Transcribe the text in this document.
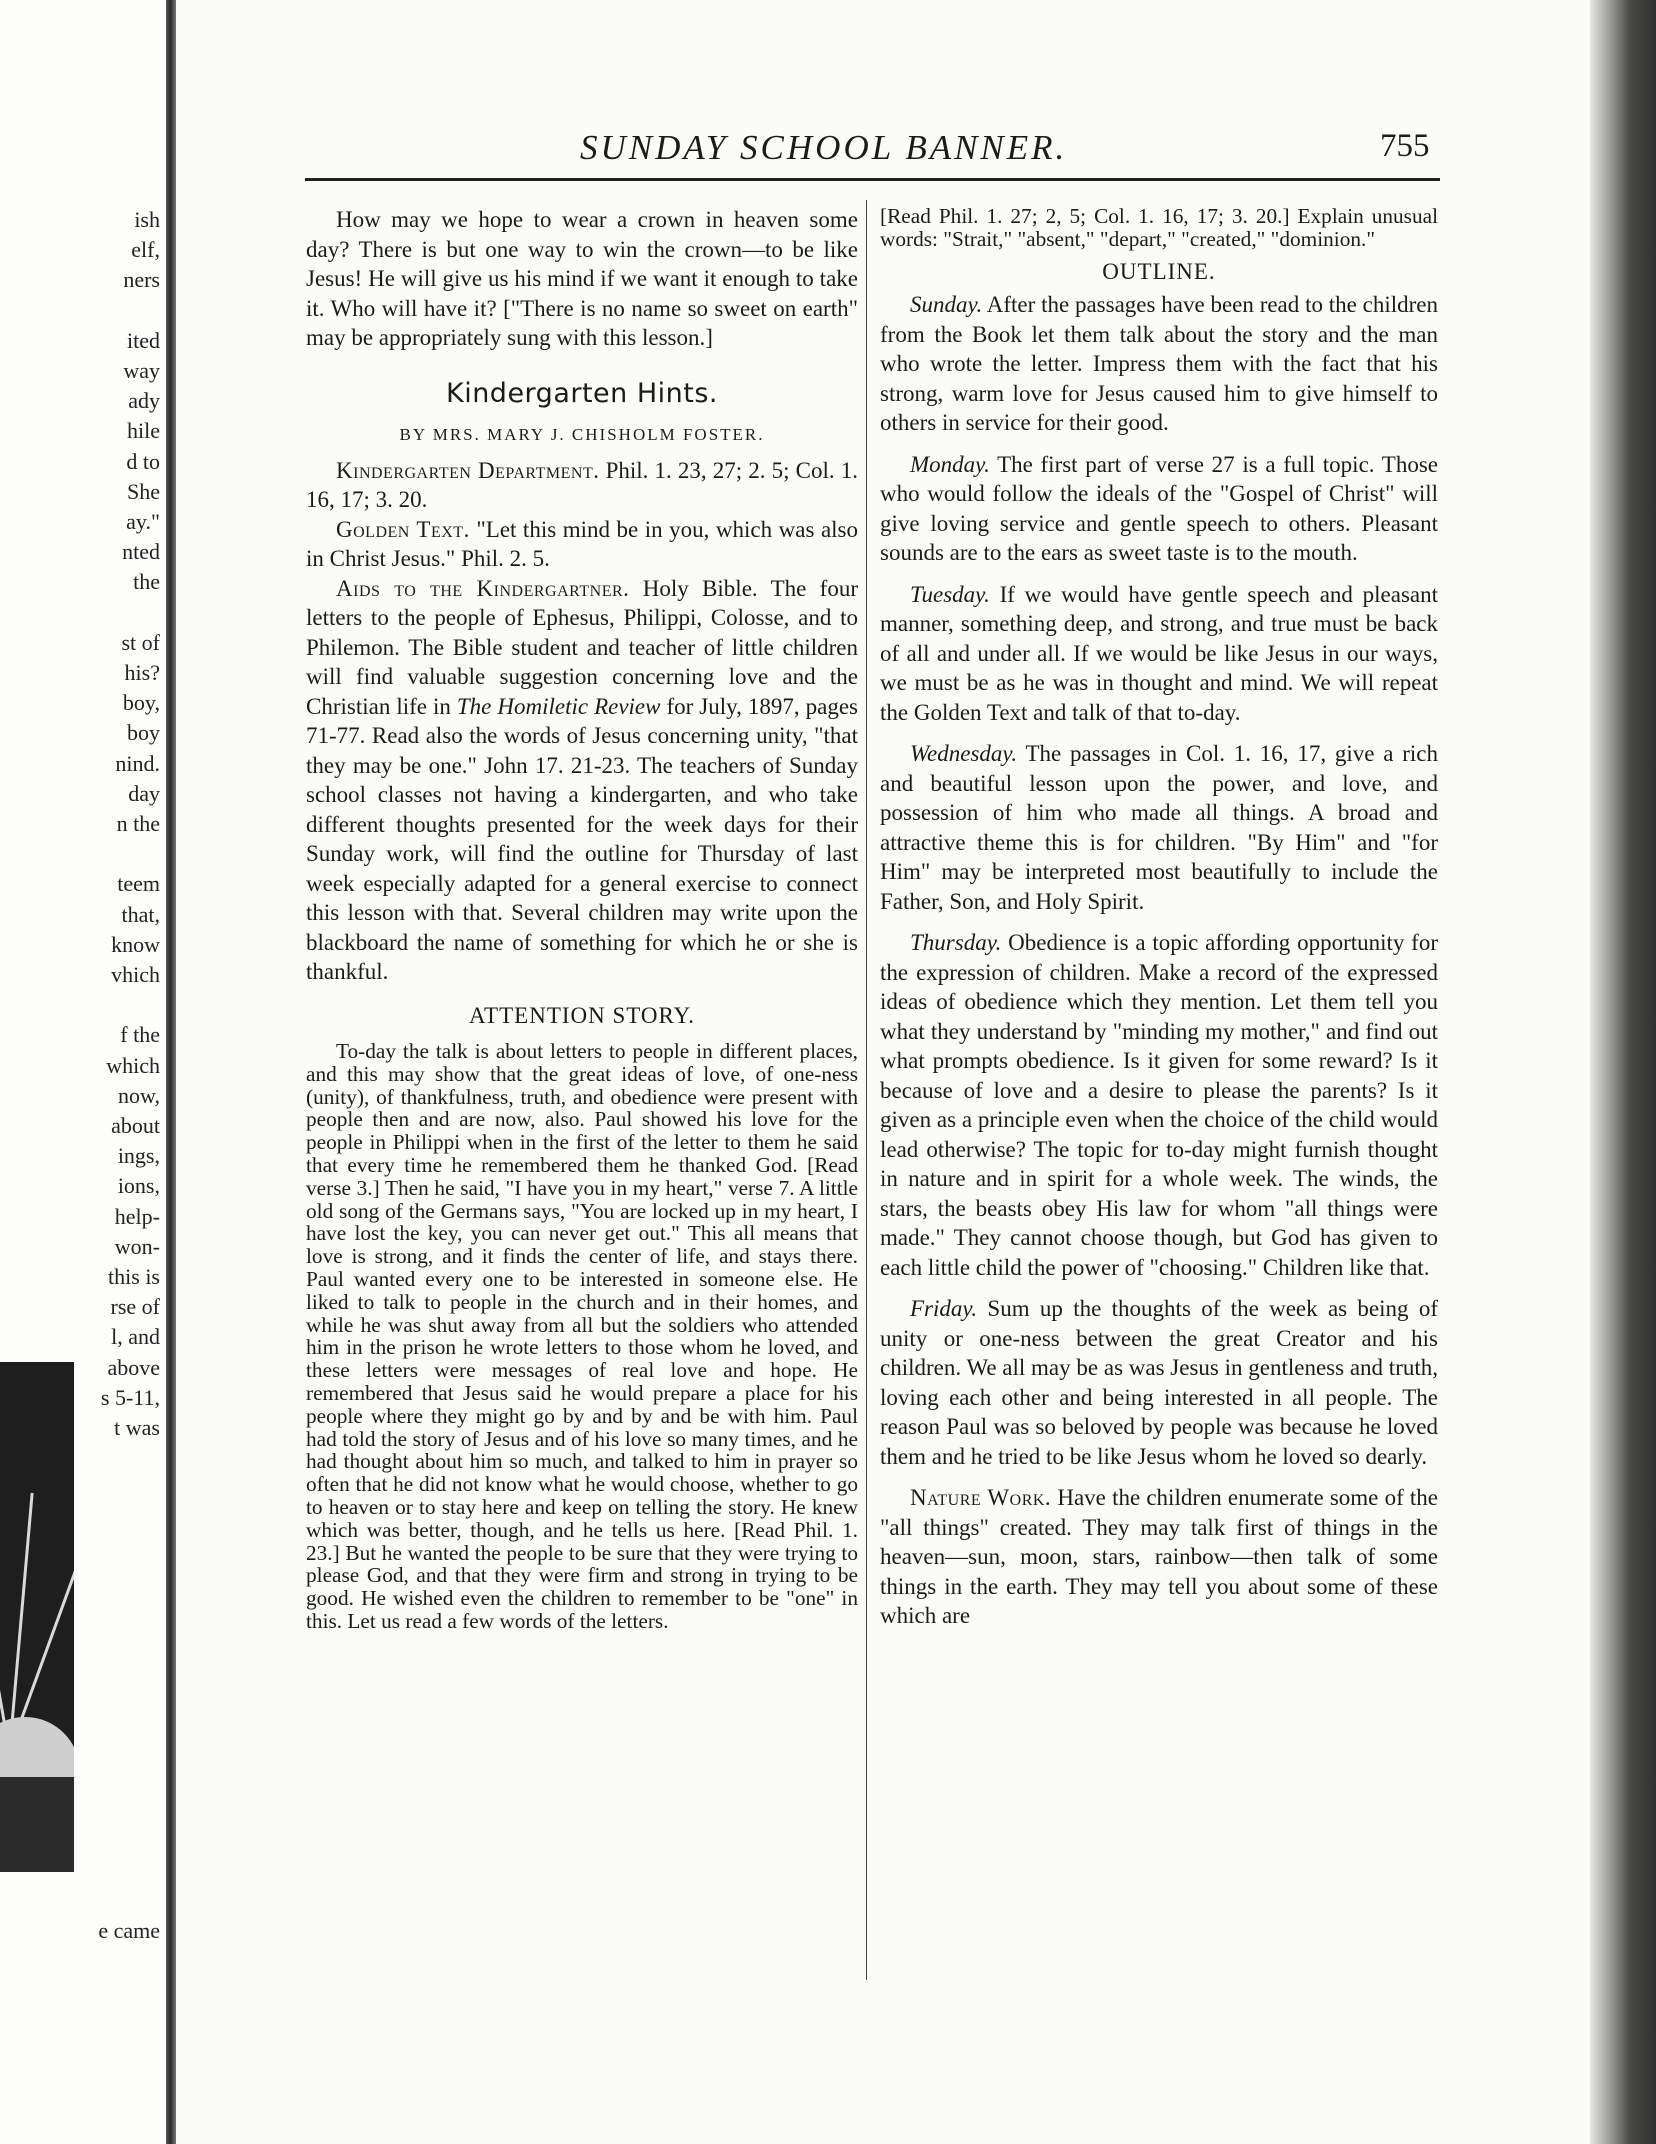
e came
SUNDAY SCHOOL BANNER.	755

How may we hope to wear a crown in heaven some day? There is but one way to win the crown—to be like Jesus! He will give us his mind if we want it enough to take it. Who will have it? ["There is no name so sweet on earth" may be appropriately sung with this lesson.]

Kindergarten Hints.
BY MRS. MARY J. CHISHOLM FOSTER.

Kindergarten Department. Phil. 1. 23, 27; 2. 5; Col. 1. 16, 17; 3. 20.

Golden Text. "Let this mind be in you, which was also in Christ Jesus." Phil. 2. 5.

Aids to the Kindergartner. Holy Bible. The four letters to the people of Ephesus, Philippi, Colosse, and to Philemon. The Bible student and teacher of little children will find valuable suggestion concerning love and the Christian life in The Homiletic Review for July, 1897, pages 71-77. Read also the words of Jesus concerning unity, "that they may be one." John 17. 21-23. The teachers of Sunday school classes not having a kindergarten, and who take different thoughts presented for the week days for their Sunday work, will find the outline for Thursday of last week especially adapted for a general exercise to connect this lesson with that. Several children may write upon the blackboard the name of something for which he or she is thankful.

ATTENTION STORY.

To-day the talk is about letters to people in different places, and this may show that the great ideas of love, of one-ness (unity), of thankfulness, truth, and obedience were present with people then and are now, also. Paul showed his love for the people in Philippi when in the first of the letter to them he said that every time he remembered them he thanked God. [Read verse 3.] Then he said, "I have you in my heart," verse 7. A little old song of the Germans says, "You are locked up in my heart, I have lost the key, you can never get out." This all means that love is strong, and it finds the center of life, and stays there. Paul wanted every one to be interested in someone else. He liked to talk to people in the church and in their homes, and while he was shut away from all but the soldiers who attended him in the prison he wrote letters to those whom he loved, and these letters were messages of real love and hope. He remembered that Jesus said he would prepare a place for his people where they might go by and by and be with him. Paul had told the story of Jesus and of his love so many times, and he had thought about him so much, and talked to him in prayer so often that he did not know what he would choose, whether to go to heaven or to stay here and keep on telling the story. He knew which was better, though, and he tells us here. [Read Phil. 1. 23.] But he wanted the people to be sure that they were trying to please God, and that they were firm and strong in trying to be good. He wished even the children to remember to be "one" in this. Let us read a few words of the letters.

[Read Phil. 1. 27; 2, 5; Col. 1. 16, 17; 3. 20.] Explain unusual words: "Strait," "absent," "depart," "created," "dominion."

OUTLINE.

Sunday. After the passages have been read to the children from the Book let them talk about the story and the man who wrote the letter. Impress them with the fact that his strong, warm love for Jesus caused him to give himself to others in service for their good.

Monday. The first part of verse 27 is a full topic. Those who would follow the ideals of the "Gospel of Christ" will give loving service and gentle speech to others. Pleasant sounds are to the ears as sweet taste is to the mouth.

Tuesday. If we would have gentle speech and pleasant manner, something deep, and strong, and true must be back of all and under all. If we would be like Jesus in our ways, we must be as he was in thought and mind. We will repeat the Golden Text and talk of that to-day.

Wednesday. The passages in Col. 1. 16, 17, give a rich and beautiful lesson upon the power, and love, and possession of him who made all things. A broad and attractive theme this is for children. "By Him" and "for Him" may be interpreted most beautifully to include the Father, Son, and Holy Spirit.

Thursday. Obedience is a topic affording opportunity for the expression of children. Make a record of the expressed ideas of obedience which they mention. Let them tell you what they understand by "minding my mother," and find out what prompts obedience. Is it given for some reward? Is it because of love and a desire to please the parents? Is it given as a principle even when the choice of the child would lead otherwise? The topic for to-day might furnish thought in nature and in spirit for a whole week. The winds, the stars, the beasts obey His law for whom "all things were made." They cannot choose though, but God has given to each little child the power of "choosing." Children like that.

Friday. Sum up the thoughts of the week as being of unity or one-ness between the great Creator and his children. We all may be as was Jesus in gentleness and truth, loving each other and being interested in all people. The reason Paul was so beloved by people was because he loved them and he tried to be like Jesus whom he loved so dearly.

Nature Work. Have the children enumerate some of the "all things" created. They may talk first of things in the heaven—sun, moon, stars, rainbow—then talk of some things in the earth. They may tell you about some of these which are

ish
elf,
ners
ited
way
ady
hile
d to
She
ay."
nted
the
st of
his?
boy,
boy
nind.
day
n the
teem
that,
know
vhich
f the
which
now,
about
ings,
ions,
help-
won-
this is
rse of
l, and
above
s 5-11,
t was
